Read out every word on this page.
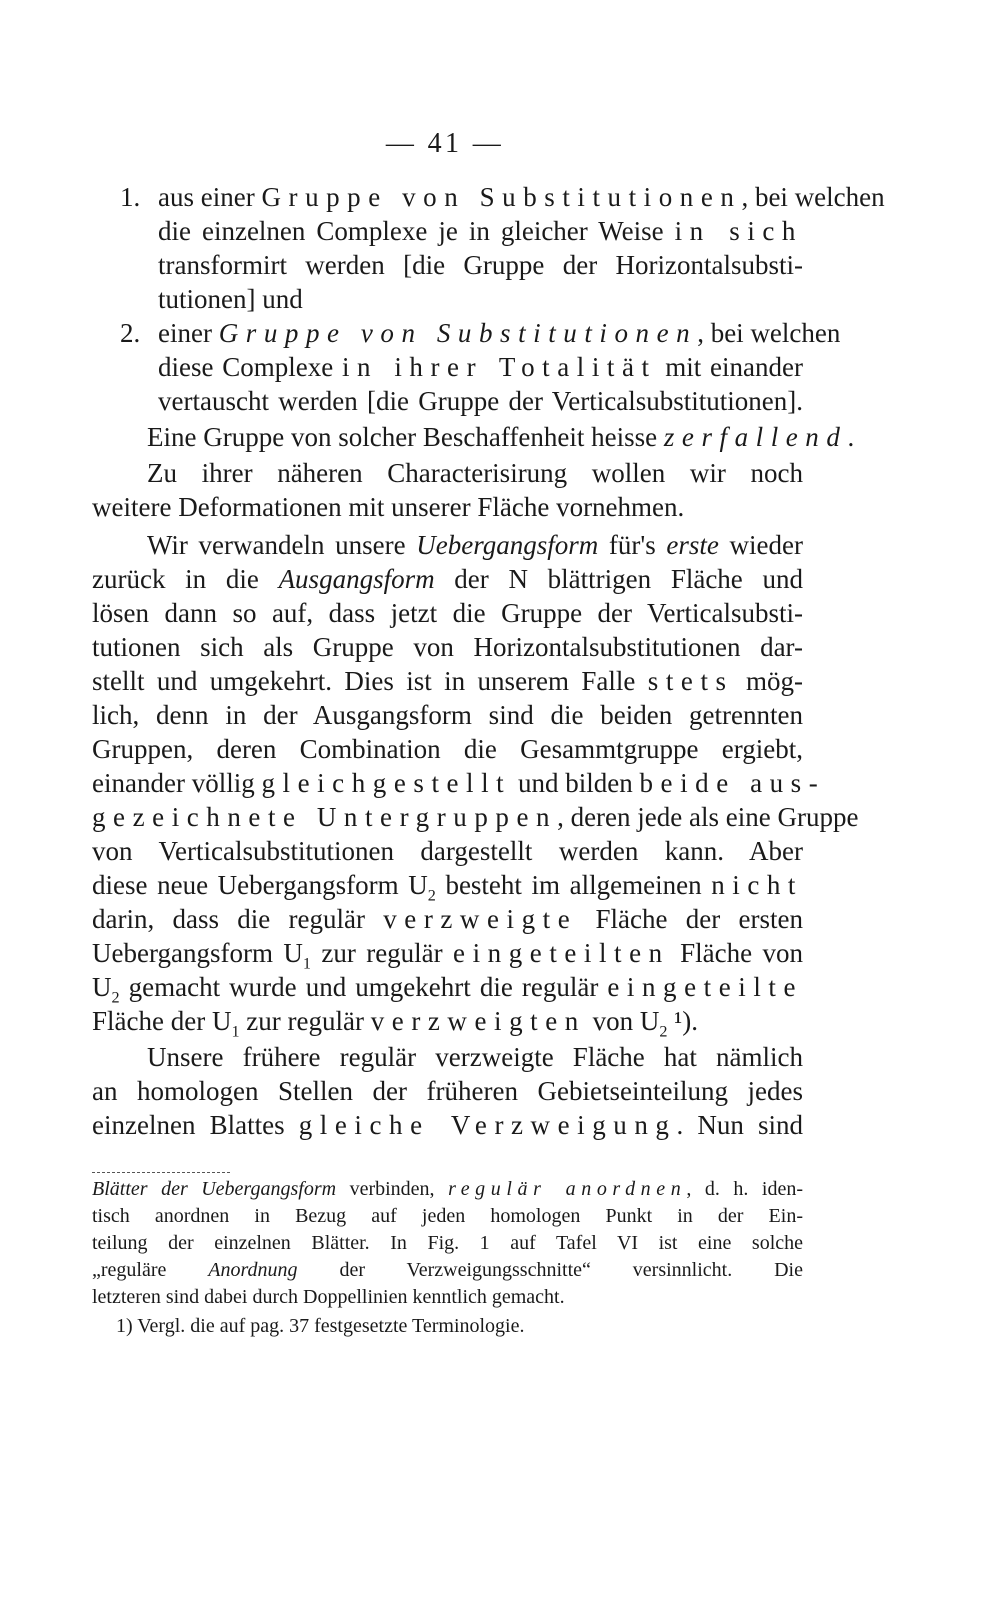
— 41 —
1. aus einer Gruppe von Substitutionen, bei welchen
die einzelnen Complexe je in gleicher Weise in sich
transformirt werden [die Gruppe der Horizontalsubsti-
tutionen] und
2. einer Gruppe von Substitutionen, bei welchen
diese Complexe in ihrer Totalität mit einander
vertauscht werden [die Gruppe der Verticalsubstitutionen].
Eine Gruppe von solcher Beschaffenheit heisse zerfallend.
Zu ihrer näheren Characterisirung wollen wir noch
weitere Deformationen mit unserer Fläche vornehmen.
Wir verwandeln unsere Uebergangsform für's erste wieder
zurück in die Ausgangsform der N blättrigen Fläche und
lösen dann so auf, dass jetzt die Gruppe der Verticalsubsti-
tutionen sich als Gruppe von Horizontalsubstitutionen dar-
stellt und umgekehrt. Dies ist in unserem Falle stets mög-
lich, denn in der Ausgangsform sind die beiden getrennten
Gruppen, deren Combination die Gesammtgruppe ergiebt,
einander völlig gleichgestellt und bilden beide aus-
gezeichnete Untergruppen, deren jede als eine Gruppe
von Verticalsubstitutionen dargestellt werden kann. Aber
diese neue Uebergangsform $U_2$ besteht im allgemeinen nicht
darin, dass die regulär verzweigte Fläche der ersten
Uebergangsform $U_1$ zur regulär eingeteilten Fläche von
$U_2$ gemacht wurde und umgekehrt die regulär eingeteilte
Fläche der $U_1$ zur regulär verzweigten von $U_2$ ¹).
Unsere frühere regulär verzweigte Fläche hat nämlich
an homologen Stellen der früheren Gebietseinteilung jedes
einzelnen Blattes gleiche Verzweigung. Nun sind
Blätter der Uebergangsform verbinden, regulär anordnen, d. h. iden-
tisch anordnen in Bezug auf jeden homologen Punkt in der Ein-
teilung der einzelnen Blätter. In Fig. 1 auf Tafel VI ist eine solche
„reguläre Anordnung der Verzweigungsschnitte“ versinnlicht. Die
letzteren sind dabei durch Doppellinien kenntlich gemacht.
1) Vergl. die auf pag. 37 festgesetzte Terminologie.
